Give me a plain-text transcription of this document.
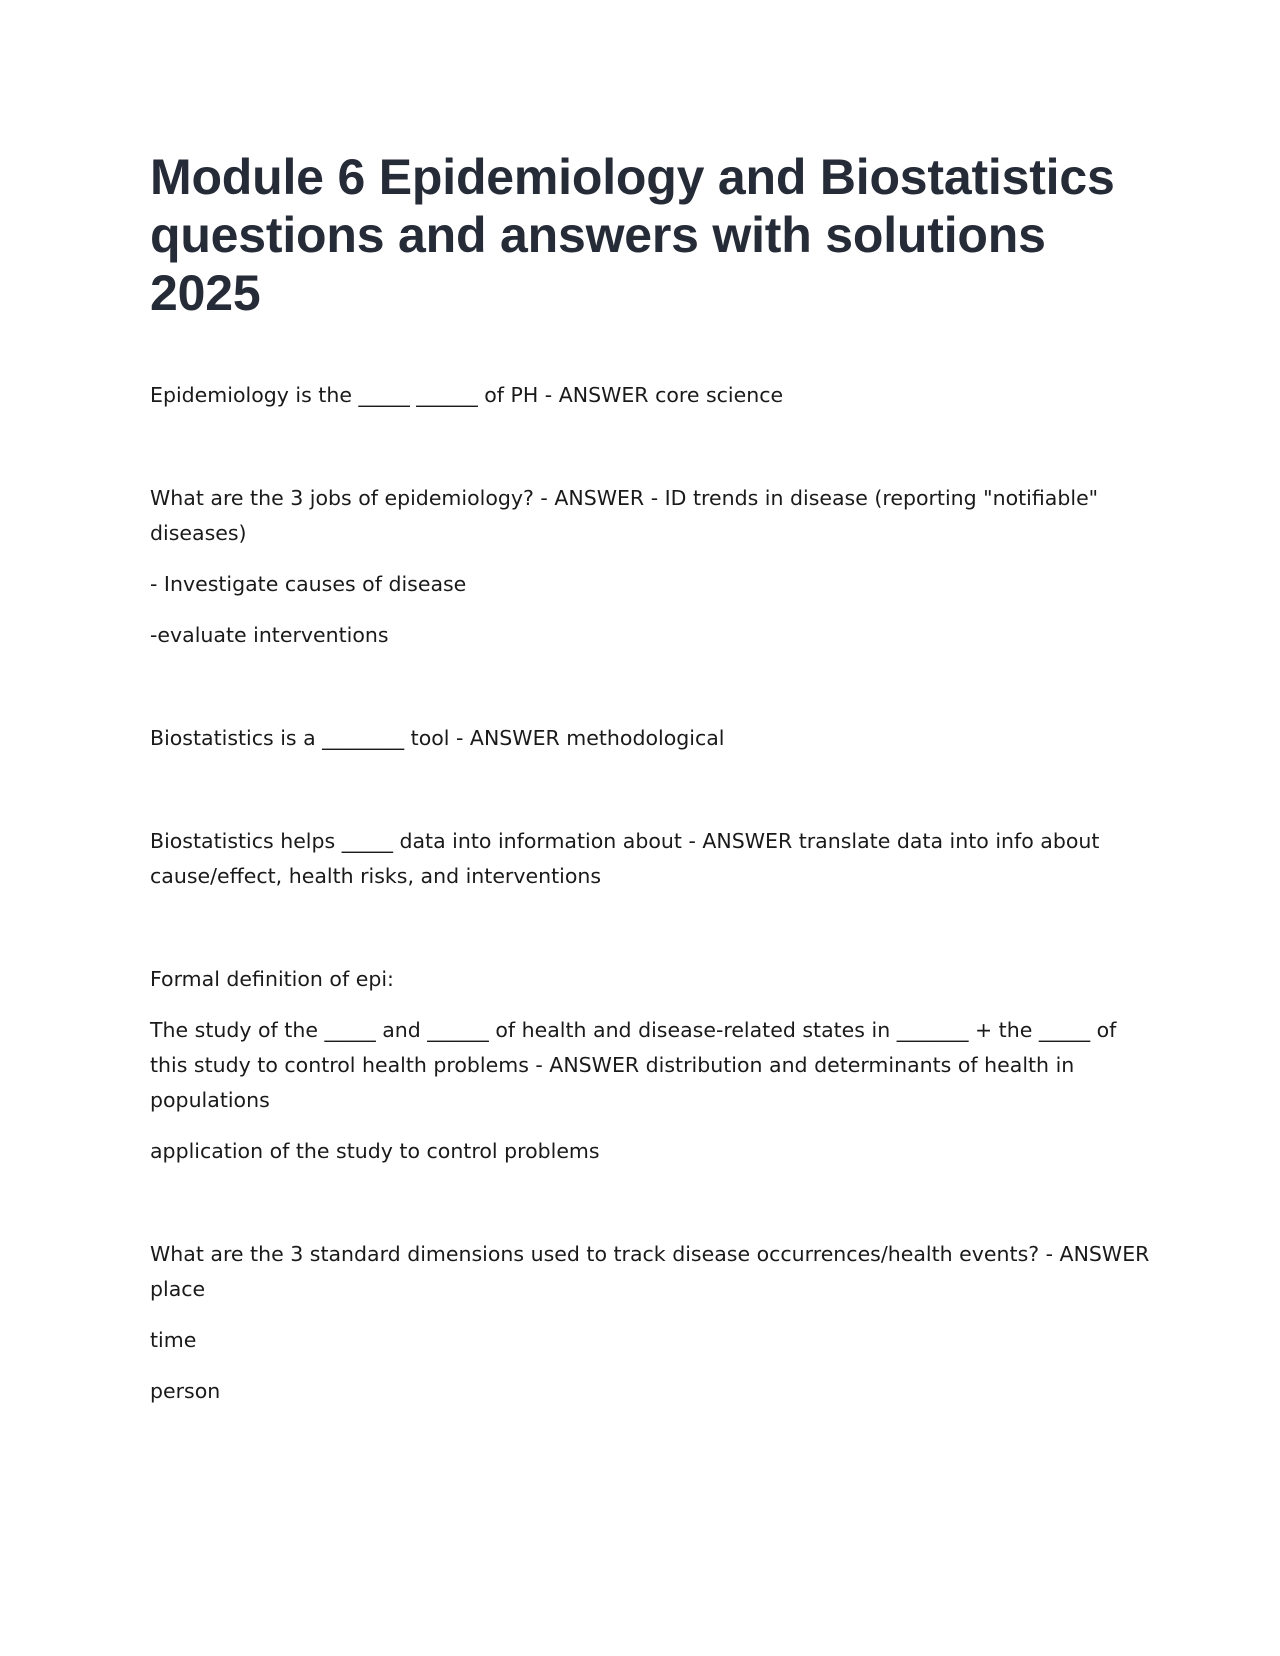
Module 6 Epidemiology and Biostatistics questions and answers with solutions 2025

Epidemiology is the _____ ______ of PH - ANSWER core science

What are the 3 jobs of epidemiology? - ANSWER - ID trends in disease (reporting "notifiable" diseases)

- Investigate causes of disease

-evaluate interventions

Biostatistics is a ________ tool - ANSWER methodological

Biostatistics helps _____ data into information about - ANSWER translate data into info about cause/effect, health risks, and interventions

Formal definition of epi:

The study of the _____ and ______ of health and disease-related states in _______ + the _____ of this study to control health problems - ANSWER distribution and determinants of health in populations

application of the study to control problems

What are the 3 standard dimensions used to track disease occurrences/health events? - ANSWER place

time

person
